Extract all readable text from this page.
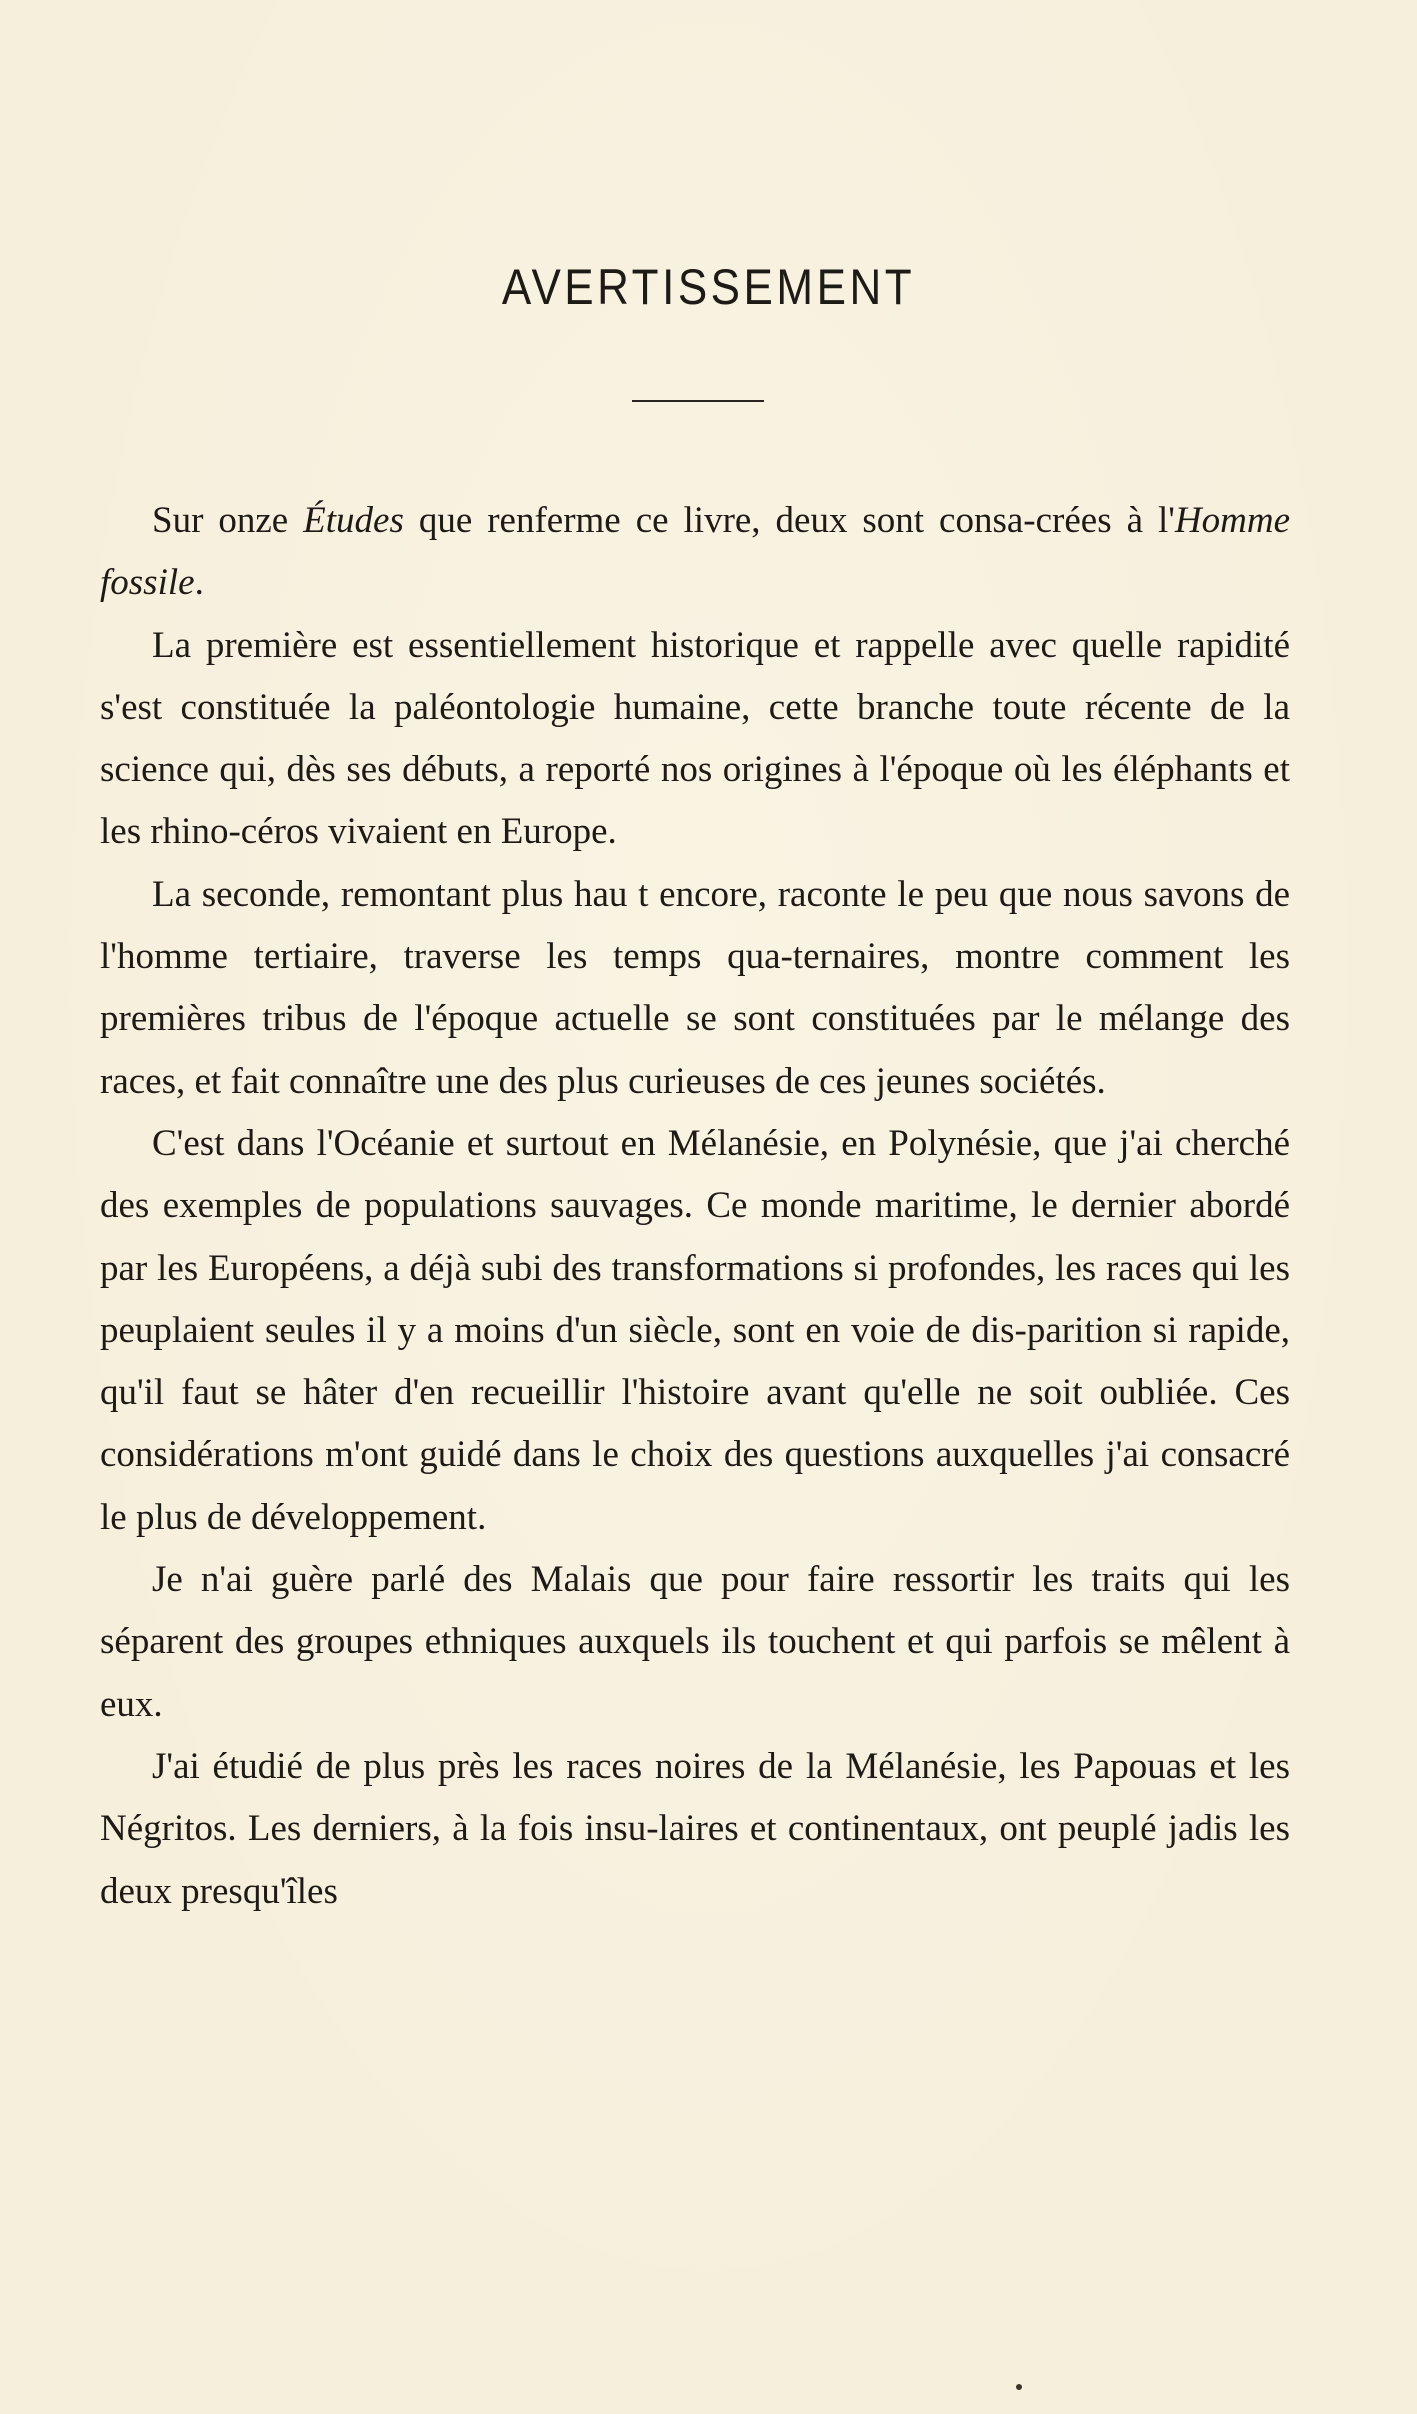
AVERTISSEMENT

Sur onze Études que renferme ce livre, deux sont consa-crées à l'Homme fossile.

La première est essentiellement historique et rappelle avec quelle rapidité s'est constituée la paléontologie humaine, cette branche toute récente de la science qui, dès ses débuts, a reporté nos origines à l'époque où les éléphants et les rhino-céros vivaient en Europe.

La seconde, remontant plus hau t encore, raconte le peu que nous savons de l'homme tertiaire, traverse les temps qua-ternaires, montre comment les premières tribus de l'époque actuelle se sont constituées par le mélange des races, et fait connaître une des plus curieuses de ces jeunes sociétés.

C'est dans l'Océanie et surtout en Mélanésie, en Polynésie, que j'ai cherché des exemples de populations sauvages. Ce monde maritime, le dernier abordé par les Européens, a déjà subi des transformations si profondes, les races qui les peuplaient seules il y a moins d'un siècle, sont en voie de dis-parition si rapide, qu'il faut se hâter d'en recueillir l'histoire avant qu'elle ne soit oubliée. Ces considérations m'ont guidé dans le choix des questions auxquelles j'ai consacré le plus de développement.

Je n'ai guère parlé des Malais que pour faire ressortir les traits qui les séparent des groupes ethniques auxquels ils touchent et qui parfois se mêlent à eux.

J'ai étudié de plus près les races noires de la Mélanésie, les Papouas et les Négritos. Les derniers, à la fois insu-laires et continentaux, ont peuplé jadis les deux presqu'îles
